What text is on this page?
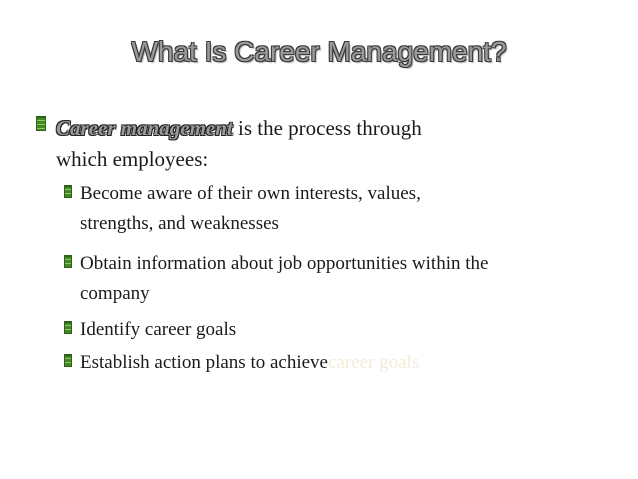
What Is Career Management?
Career management is the process through
which employees:
Become aware of their own interests, values,
strengths, and weaknesses
Obtain information about job opportunities within the
company
Identify career goals
Establish action plans to achievecareer goals
